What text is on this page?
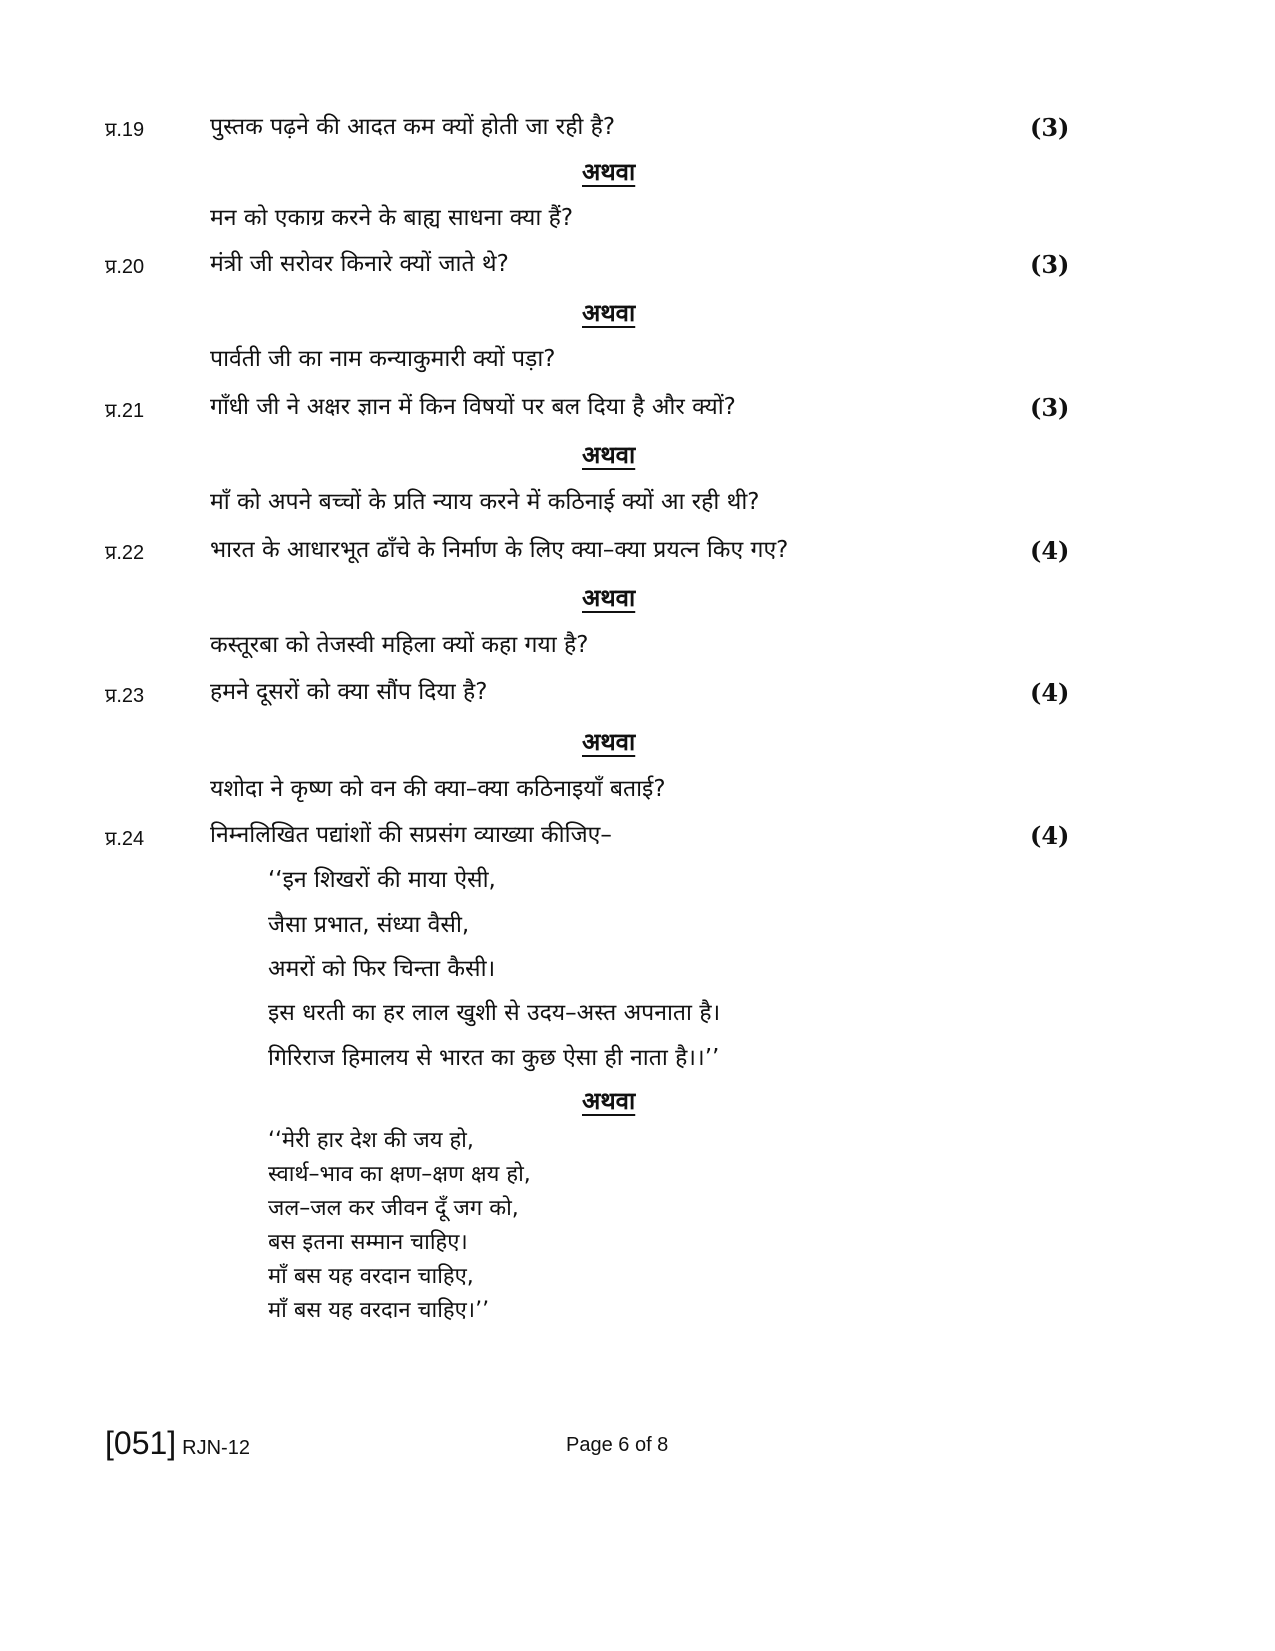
प्र.19	पुस्तक पढ़ने की आदत कम क्यों होती जा रही है?	(3)
अथवा
मन को एकाग्र करने के बाह्य साधना क्या हैं?
प्र.20	मंत्री जी सरोवर किनारे क्यों जाते थे?	(3)
अथवा
पार्वती जी का नाम कन्याकुमारी क्यों पड़ा?
प्र.21	गाँधी जी ने अक्षर ज्ञान में किन विषयों पर बल दिया है और क्यों?	(3)
अथवा
माँ को अपने बच्चों के प्रति न्याय करने में कठिनाई क्यों आ रही थी?
प्र.22	भारत के आधारभूत ढाँचे के निर्माण के लिए क्या–क्या प्रयत्न किए गए?	(4)
अथवा
कस्तूरबा को तेजस्वी महिला क्यों कहा गया है?
प्र.23	हमने दूसरों को क्या सौंप दिया है?	(4)
अथवा
यशोदा ने कृष्ण को वन की क्या–क्या कठिनाइयाँ बताई?
प्र.24	निम्नलिखित पद्यांशों की सप्रसंग व्याख्या कीजिए–	(4)
‘‘इन शिखरों की माया ऐसी,
जैसा प्रभात, संध्या वैसी,
अमरों को फिर चिन्ता कैसी।
इस धरती का हर लाल खुशी से उदय–अस्त अपनाता है।
गिरिराज हिमालय से भारत का कुछ ऐसा ही नाता है।।’’
अथवा
‘‘मेरी हार देश की जय हो,
स्वार्थ–भाव का क्षण–क्षण क्षय हो,
जल–जल कर जीवन दूँ जग को,
बस इतना सम्मान चाहिए।
माँ बस यह वरदान चाहिए,
माँ बस यह वरदान चाहिए।’’
[051] RJN-12	Page 6 of 8
